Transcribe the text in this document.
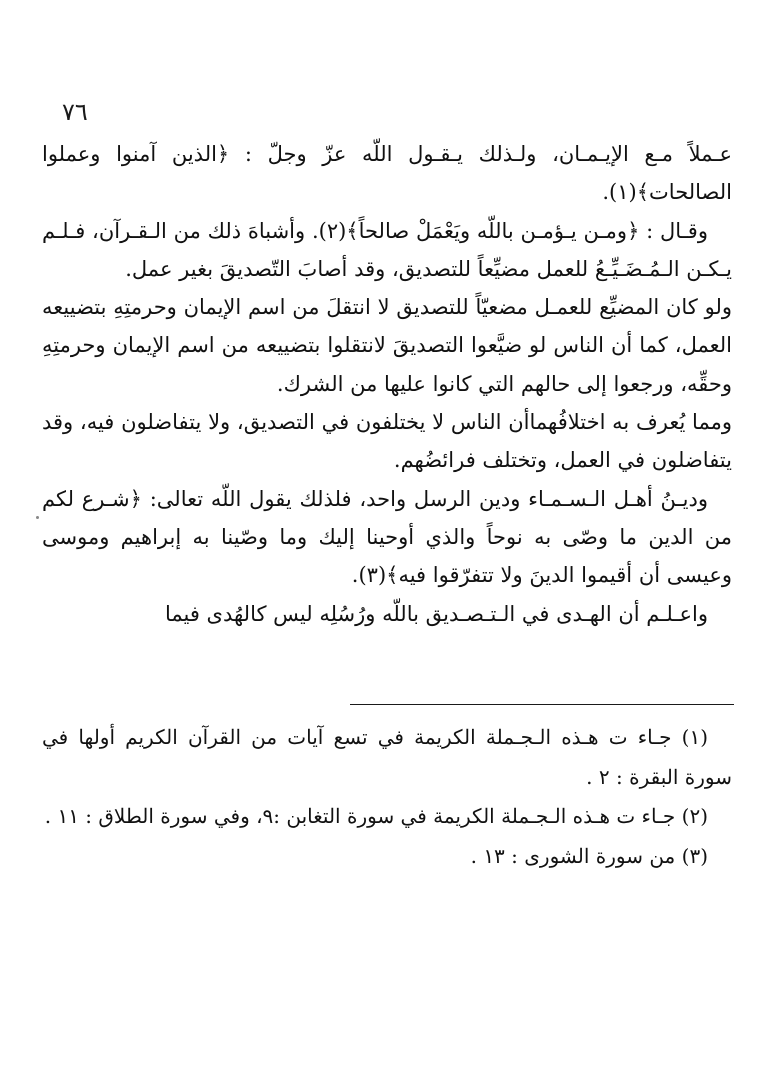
٧٦

عـملاً مـع الإيـمـان، ولـذلك يـقـول اللّه عزّ وجلّ : ﴿الذين آمنوا وعملوا الصالحات﴾(١).

وقـال : ﴿ومـن يـؤمـن باللّه ويَعْمَلْ صالحاً﴾(٢). وأشباهَ ذلك من الـقـرآن، فـلـم يـكـن الـمُـضَـيِّـعُ للعمل مضيِّعاً للتصديق، وقد أصابَ التّصديقَ بغير عمل.

ولو كان المضيِّع للعمـل مضعيّاً للتصديق لا انتقلَ من اسم الإيمان وحرمتِهِ بتضييعه العمل، كما أن الناس لو ضيَّعوا التصديقَ لانتقلوا بتضييعه من اسم الإيمان وحرمتِهِ وحقِّه، ورجعوا إلى حالهم التي كانوا عليها من الشرك.

ومما يُعرف به اختلافُهماأن الناس لا يختلفون في التصديق، ولا يتفاضلون فيه، وقد يتفاضلون في العمل، وتختلف فرائضُهم.

وديـنُ أهـل الـسـمـاء ودين الرسل واحد، فلذلك يقول اللّه تعالى: ﴿شـرع لكم من الدين ما وصّى به نوحاً والذي أوحينا إليك وما وصّينا به إبراهيم وموسى وعيسى أن أقيموا الدينَ ولا تتفرّقوا فيه﴾(٣).

واعـلـم أن الهـدى في الـتـصـديق باللّه ورُسُلِه ليس كالهُدى فيما

(١) جـاء ت هـذه الـجـملة الكريمة في تسع آيات من القرآن الكريم أولها في سورة البقرة : ٢ .

(٢) جـاء ت هـذه الـجـملة الكريمة في سورة التغابن :٩، وفي سورة الطلاق : ١١ .

(٣) من سورة الشورى : ١٣ .
